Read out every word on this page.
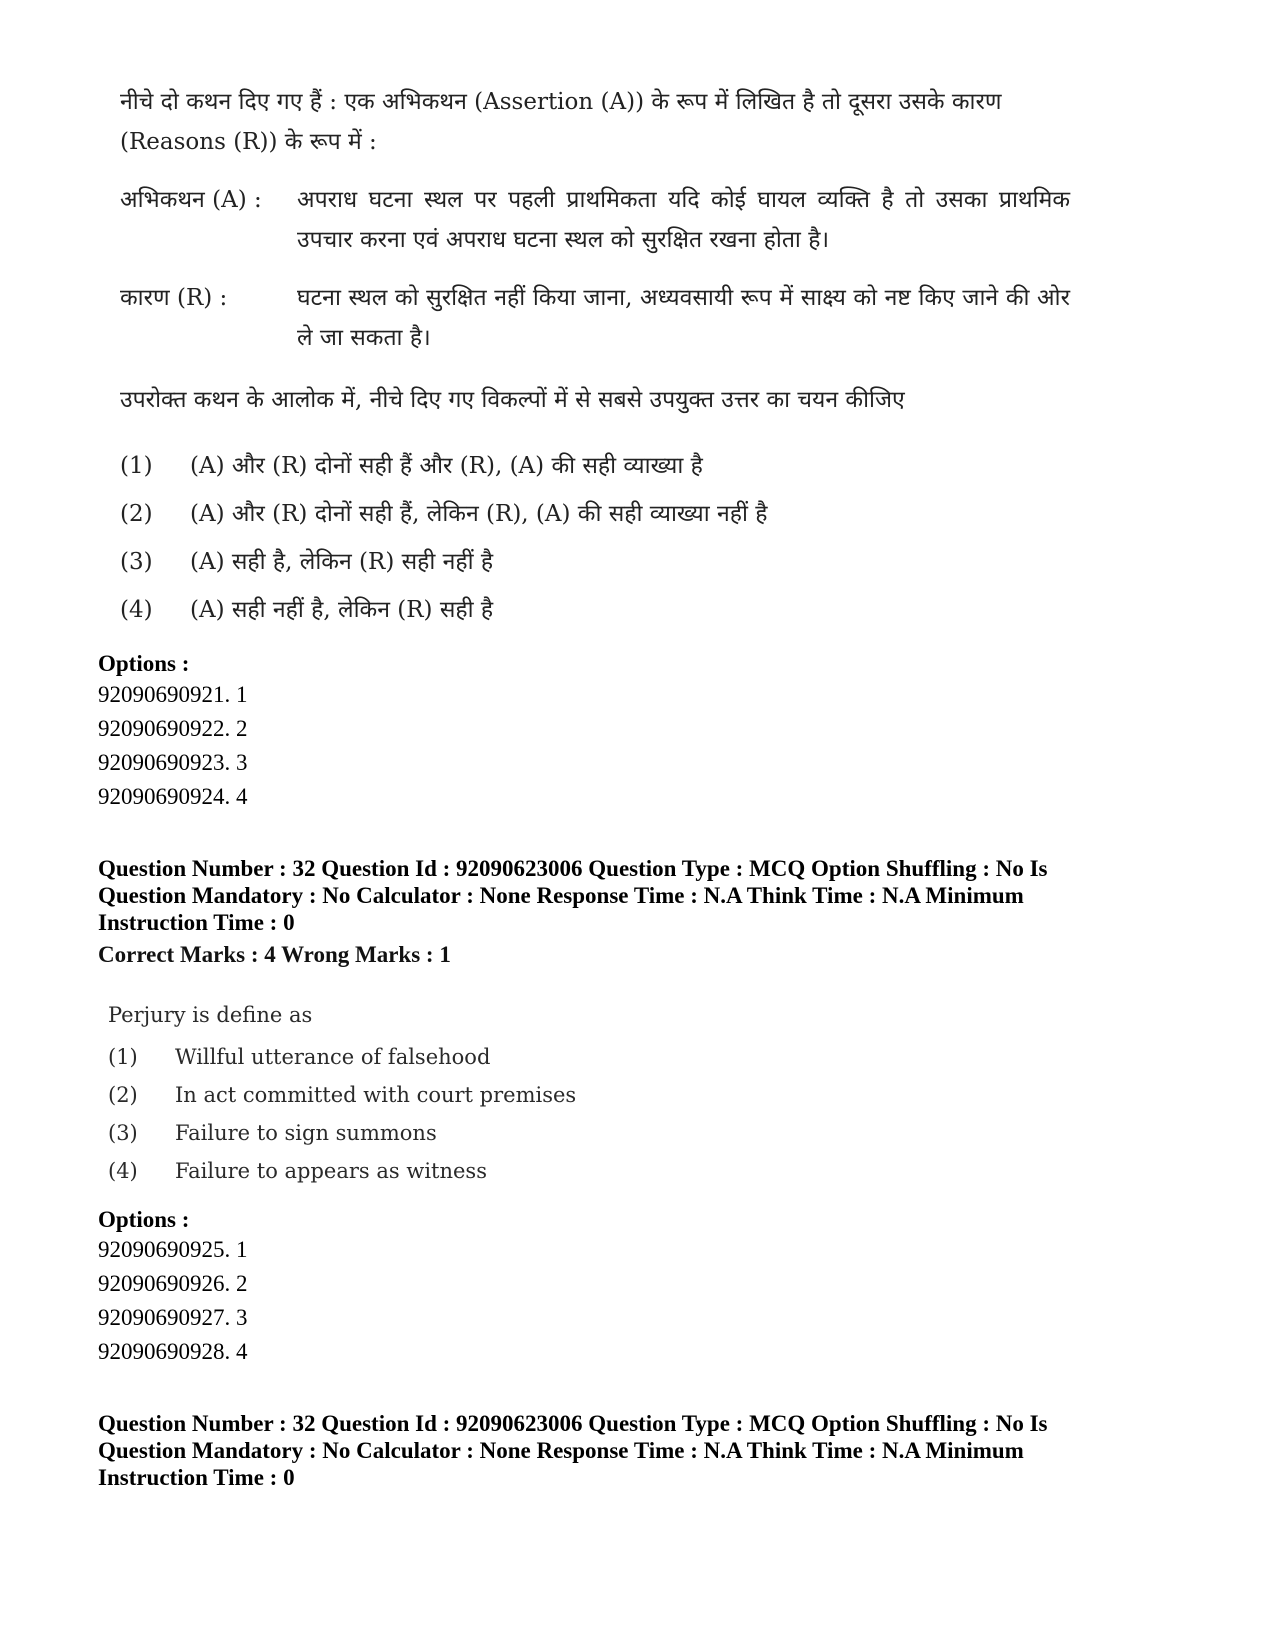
नीचे दो कथन दिए गए हैं : एक अभिकथन (Assertion (A)) के रूप में लिखित है तो दूसरा उसके कारण (Reasons (R)) के रूप में :

अभिकथन (A) :	अपराध घटना स्थल पर पहली प्राथमिकता यदि कोई घायल व्यक्ति है तो उसका प्राथमिक उपचार करना एवं अपराध घटना स्थल को सुरक्षित रखना होता है।
कारण (R) :	घटना स्थल को सुरक्षित नहीं किया जाना, अध्यवसायी रूप में साक्ष्य को नष्ट किए जाने की ओर ले जा सकता है।
उपरोक्त कथन के आलोक में, नीचे दिए गए विकल्पों में से सबसे उपयुक्त उत्तर का चयन कीजिए
(1)	(A) और (R) दोनों सही हैं और (R), (A) की सही व्याख्या है
(2)	(A) और (R) दोनों सही हैं, लेकिन (R), (A) की सही व्याख्या नहीं है
(3)	(A) सही है, लेकिन (R) सही नहीं है
(4)	(A) सही नहीं है, लेकिन (R) सही है
Options :
92090690921. 1
92090690922. 2
92090690923. 3
92090690924. 4

Question Number : 32 Question Id : 92090623006 Question Type : MCQ Option Shuffling : No Is

Question Mandatory : No Calculator : None Response Time : N.A Think Time : N.A Minimum

Instruction Time : 0

Correct Marks : 4 Wrong Marks : 1

Perjury is define as

(1)	Willful utterance of falsehood
(2)	In act committed with court premises
(3)	Failure to sign summons
(4)	Failure to appears as witness
Options :
92090690925. 1
92090690926. 2
92090690927. 3
92090690928. 4

Question Number : 32 Question Id : 92090623006 Question Type : MCQ Option Shuffling : No Is

Question Mandatory : No Calculator : None Response Time : N.A Think Time : N.A Minimum

Instruction Time : 0
